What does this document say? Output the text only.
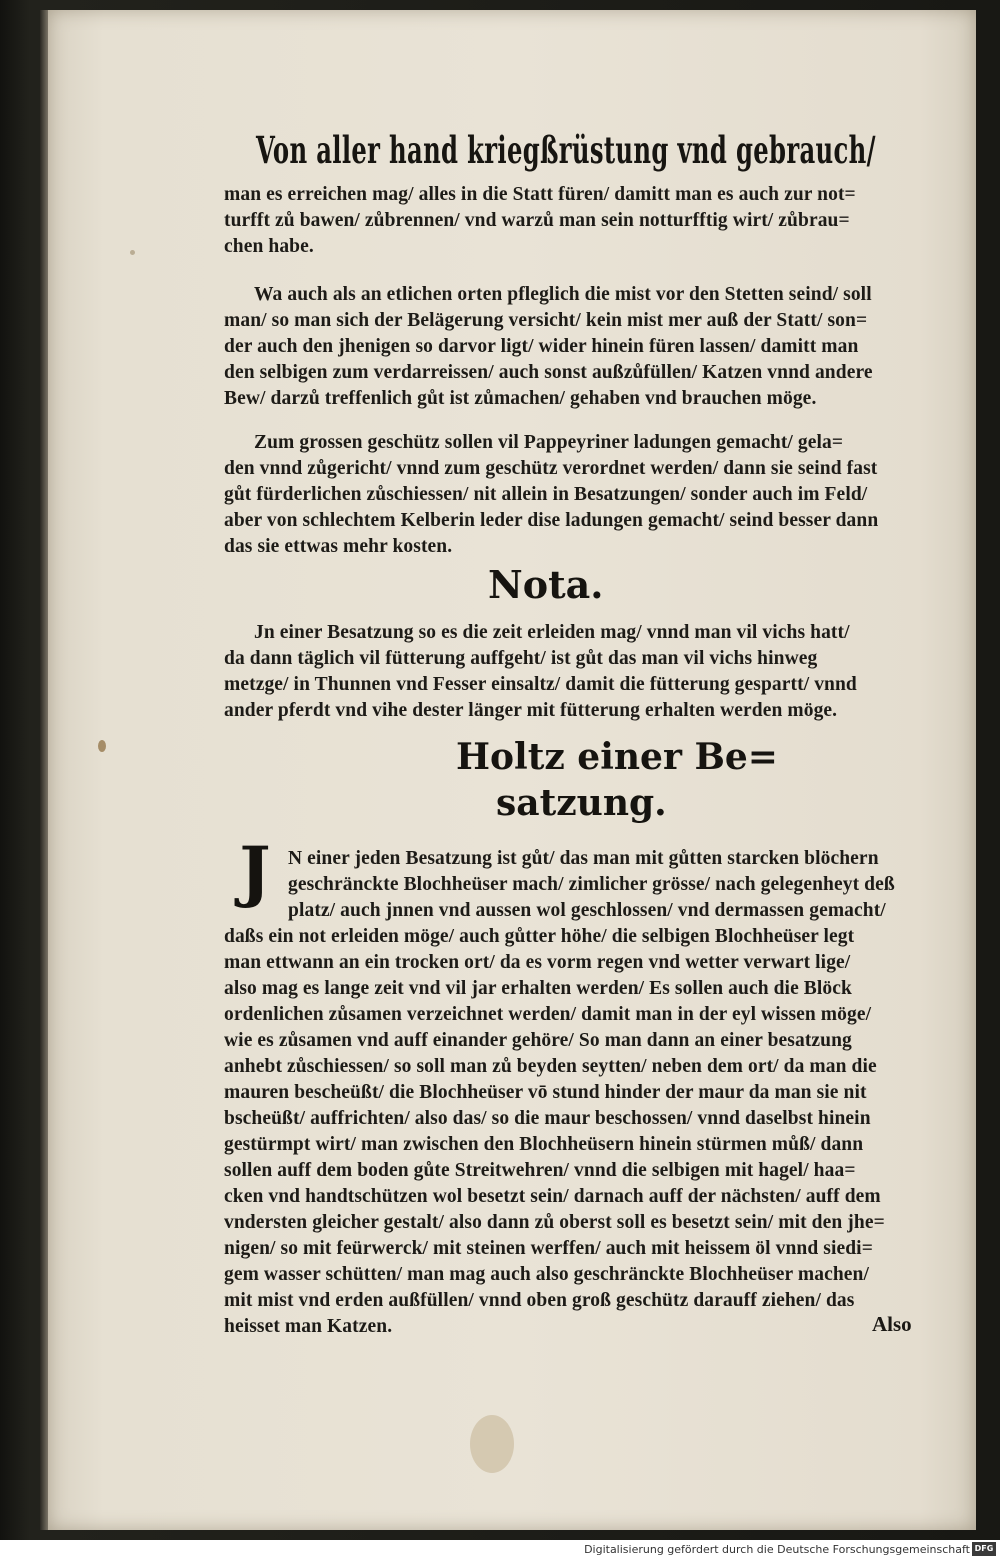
Von aller hand kriegßrüstung vnd gebrauch/
man es erreichen mag/ alles in die Statt füren/ damitt man es auch zur not=
turfft zů bawen/ zůbrennen/ vnd warzů man sein notturfftig wirt/ zůbrau=
chen habe.
Wa auch als an etlichen orten pfleglich die mist vor den Stetten seind/ soll
man/ so man sich der Belägerung versicht/ kein mist mer auß der Statt/ son=
der auch den jhenigen so darvor ligt/ wider hinein füren lassen/ damitt man
den selbigen zum verdarreissen/ auch sonst außzůfüllen/ Katzen vnnd andere
Bew/ darzů treffenlich gůt ist zůmachen/ gehaben vnd brauchen möge.
Zum grossen geschütz sollen vil Pappeyriner ladungen gemacht/ gela=
den vnnd zůgericht/ vnnd zum geschütz verordnet werden/ dann sie seind fast
gůt fürderlichen zůschiessen/ nit allein in Besatzungen/ sonder auch im Feld/
aber von schlechtem Kelberin leder dise ladungen gemacht/ seind besser dann
das sie ettwas mehr kosten.
Nota.
Jn einer Besatzung so es die zeit erleiden mag/ vnnd man vil vichs hatt/
da dann täglich vil fütterung auffgeht/ ist gůt das man vil vichs hinweg
metzge/ in Thunnen vnd Fesser einsaltz/ damit die fütterung gespartt/ vnnd
ander pferdt vnd vihe dester länger mit fütterung erhalten werden möge.
Holtz einer Be=
satzung.
J N einer jeden Besatzung ist gůt/ das man mit gůtten starcken blöchern
geschränckte Blochheüser mach/ zimlicher grösse/ nach gelegenheyt deß
platz/ auch jnnen vnd aussen wol geschlossen/ vnd dermassen gemacht/
daßs ein not erleiden möge/ auch gůtter höhe/ die selbigen Blochheüser legt
man ettwann an ein trocken ort/ da es vorm regen vnd wetter verwart lige/
also mag es lange zeit vnd vil jar erhalten werden/ Es sollen auch die Blöck
ordenlichen zůsamen verzeichnet werden/ damit man in der eyl wissen möge/
wie es zůsamen vnd auff einander gehöre/ So man dann an einer besatzung
anhebt zůschiessen/ so soll man zů beyden seytten/ neben dem ort/ da man die
mauren bescheüßt/ die Blochheüser vō stund hinder der maur da man sie nit
bscheüßt/ auffrichten/ also das/ so die maur beschossen/ vnnd daselbst hinein
gestürmpt wirt/ man zwischen den Blochheüsern hinein stürmen můß/ dann
sollen auff dem boden gůte Streitwehren/ vnnd die selbigen mit hagel/ haa=
cken vnd handtschützen wol besetzt sein/ darnach auff der nächsten/ auff dem
vndersten gleicher gestalt/ also dann zů oberst soll es besetzt sein/ mit den jhe=
nigen/ so mit feürwerck/ mit steinen werffen/ auch mit heissem öl vnnd siedi=
gem wasser schütten/ man mag auch also geschränckte Blochheüser machen/
mit mist vnd erden außfüllen/ vnnd oben groß geschütz darauff ziehen/ das
heisset man Katzen.	Also
Digitalisierung gefördert durch die Deutsche Forschungsgemeinschaft DFG
